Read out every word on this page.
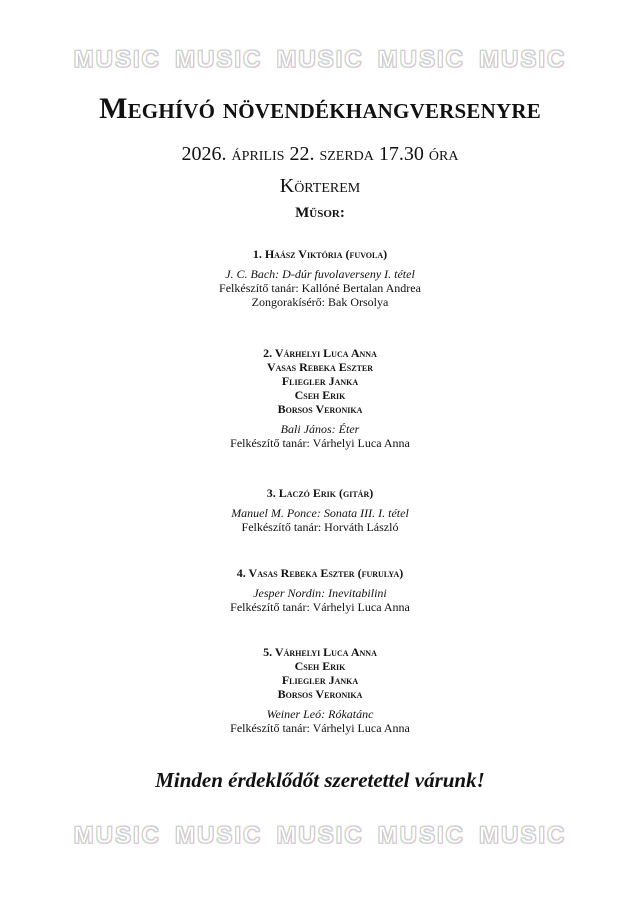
MUSIC MUSIC MUSIC MUSIC MUSIC
Meghívó növendékhangversenyre
2026. április 22. szerda 17.30 óra
Körterem
Műsor:
1. Haász Viktória (fuvola)
J. C. Bach: D-dúr fuvolaverseny I. tétel
Felkészítő tanár: Kallóné Bertalan Andrea
Zongorakísérő: Bak Orsolya
2. Várhelyi Luca Anna
Vasas Rebeka Eszter
Fliegler Janka
Cseh Erik
Borsos Veronika
Bali János: Éter
Felkészítő tanár: Várhelyi Luca Anna
3. Laczó Erik (gitár)
Manuel M. Ponce: Sonata III. I. tétel
Felkészítő tanár: Horváth László
4. Vasas Rebeka Eszter (furulya)
Jesper Nordin: Inevitabilini
Felkészítő tanár: Várhelyi Luca Anna
5. Várhelyi Luca Anna
Cseh Erik
Fliegler Janka
Borsos Veronika
Weiner Leó: Rókatánc
Felkészítő tanár: Várhelyi Luca Anna
Minden érdeklődőt szeretettel várunk!
MUSIC MUSIC MUSIC MUSIC MUSIC
